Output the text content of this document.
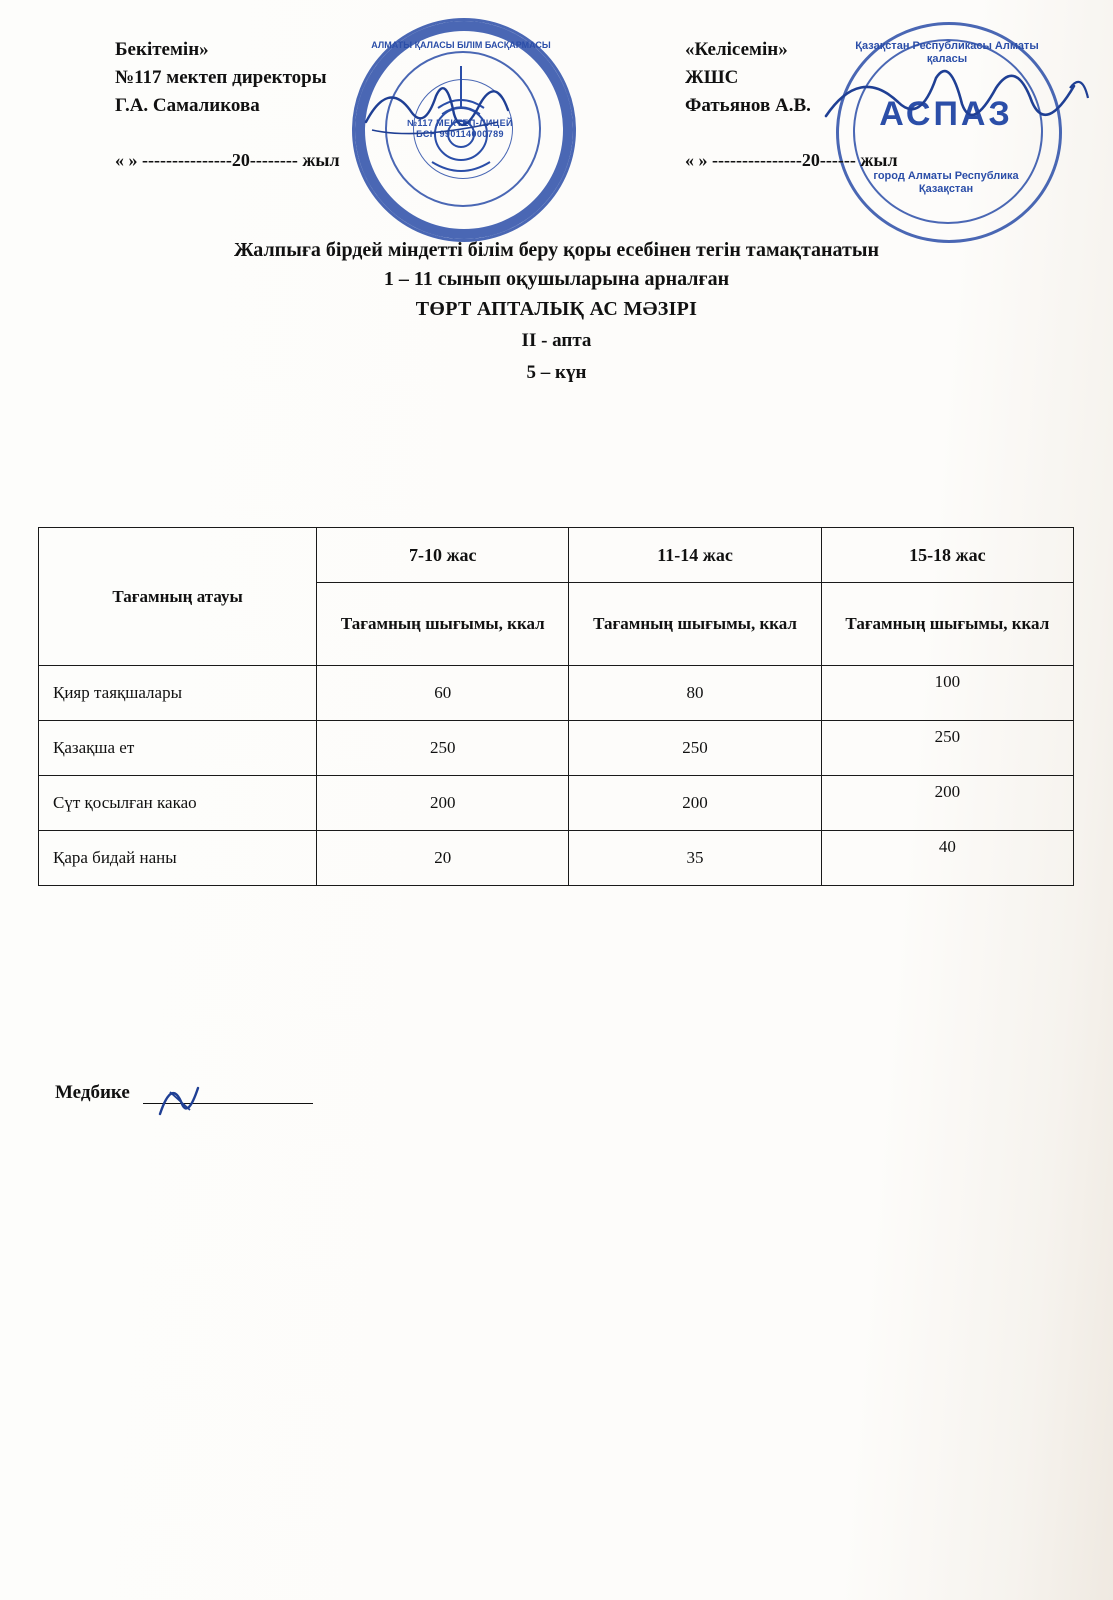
АЛМАТЫ ҚАЛАСЫ БІЛІМ БАСҚАРМАСЫ
№117 МЕКТЕП-ЛИЦЕЙ БСН 990114000789
Қазақстан Республикасы Алматы қаласы
АСПАЗ
город Алматы Республика Қазақстан
Бекітемін»
№117 мектеп директоры
Г.А. Самаликова
« » ---------------20-------- жыл
«Келісемін»
ЖШС
Фатьянов А.В.
« » ---------------20------ жыл
Жалпыға бірдей міндетті білім беру қоры есебінен тегін тамақтанатын
1 – 11 сынып оқушыларына арналған
ТӨРТ АПТАЛЫҚ АС МӘЗІРІ
II - апта
5 – күн
Тағамның атауы	7-10 жас	11-14 жас	15-18 жас
	Тағамның шығымы, ккал	Тағамның шығымы, ккал	Тағамның шығымы, ккал
Қияр таяқшалары	60	80	100
Қазақша ет	250	250	250
Сүт қосылған какао	200	200	200
Қара бидай наны	20	35	40
Медбике
